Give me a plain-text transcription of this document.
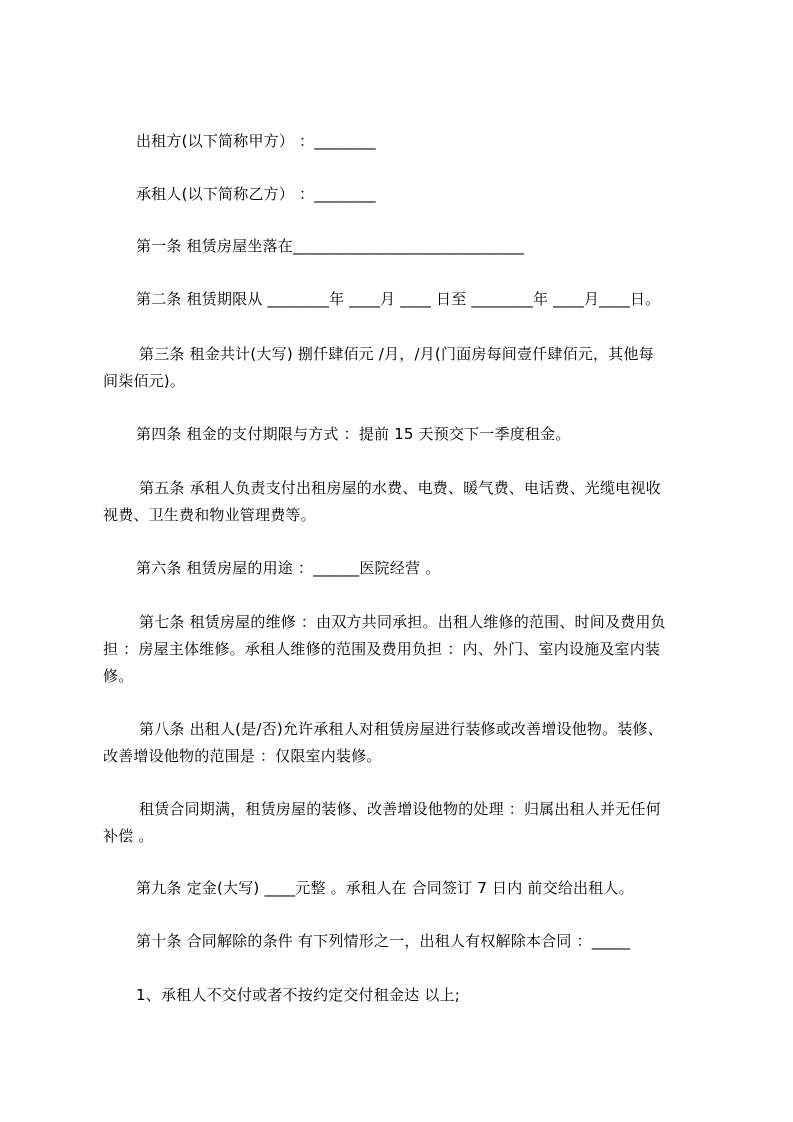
出租方(以下简称甲方） ：________
承租人(以下简称乙方） ：________
第一条 租赁房屋坐落在______________________________
第二条 租赁期限从 ________年 ____月 ____ 日至 ________年 ____月____日。
第三条 租金共计(大写) 捌仟肆佰元 /月，/月(门面房每间壹仟肆佰元，其他每
间柒佰元)。
第四条 租金的支付期限与方式 ：提前 15 天预交下一季度租金。
第五条 承租人负责支付出租房屋的水费、电费、暖气费、电话费、光缆电视收
视费、卫生费和物业管理费等。
第六条 租赁房屋的用途 ：______医院经营 。
第七条 租赁房屋的维修 ：由双方共同承担。出租人维修的范围、时间及费用负
担 ：房屋主体维修。承租人维修的范围及费用负担 ：内、外门、室内设施及室内装
修。
第八条 出租人(是/否)允许承租人对租赁房屋进行装修或改善增设他物。装修、
改善增设他物的范围是 ：仅限室内装修。
租赁合同期满，租赁房屋的装修、改善增设他物的处理 ：归属出租人并无任何
补偿 。
第九条 定金(大写) ____元整 。承租人在 合同签订 7 日内 前交给出租人。
第十条 合同解除的条件 有下列情形之一，出租人有权解除本合同 ：_____
1、承租人不交付或者不按约定交付租金达 以上;
